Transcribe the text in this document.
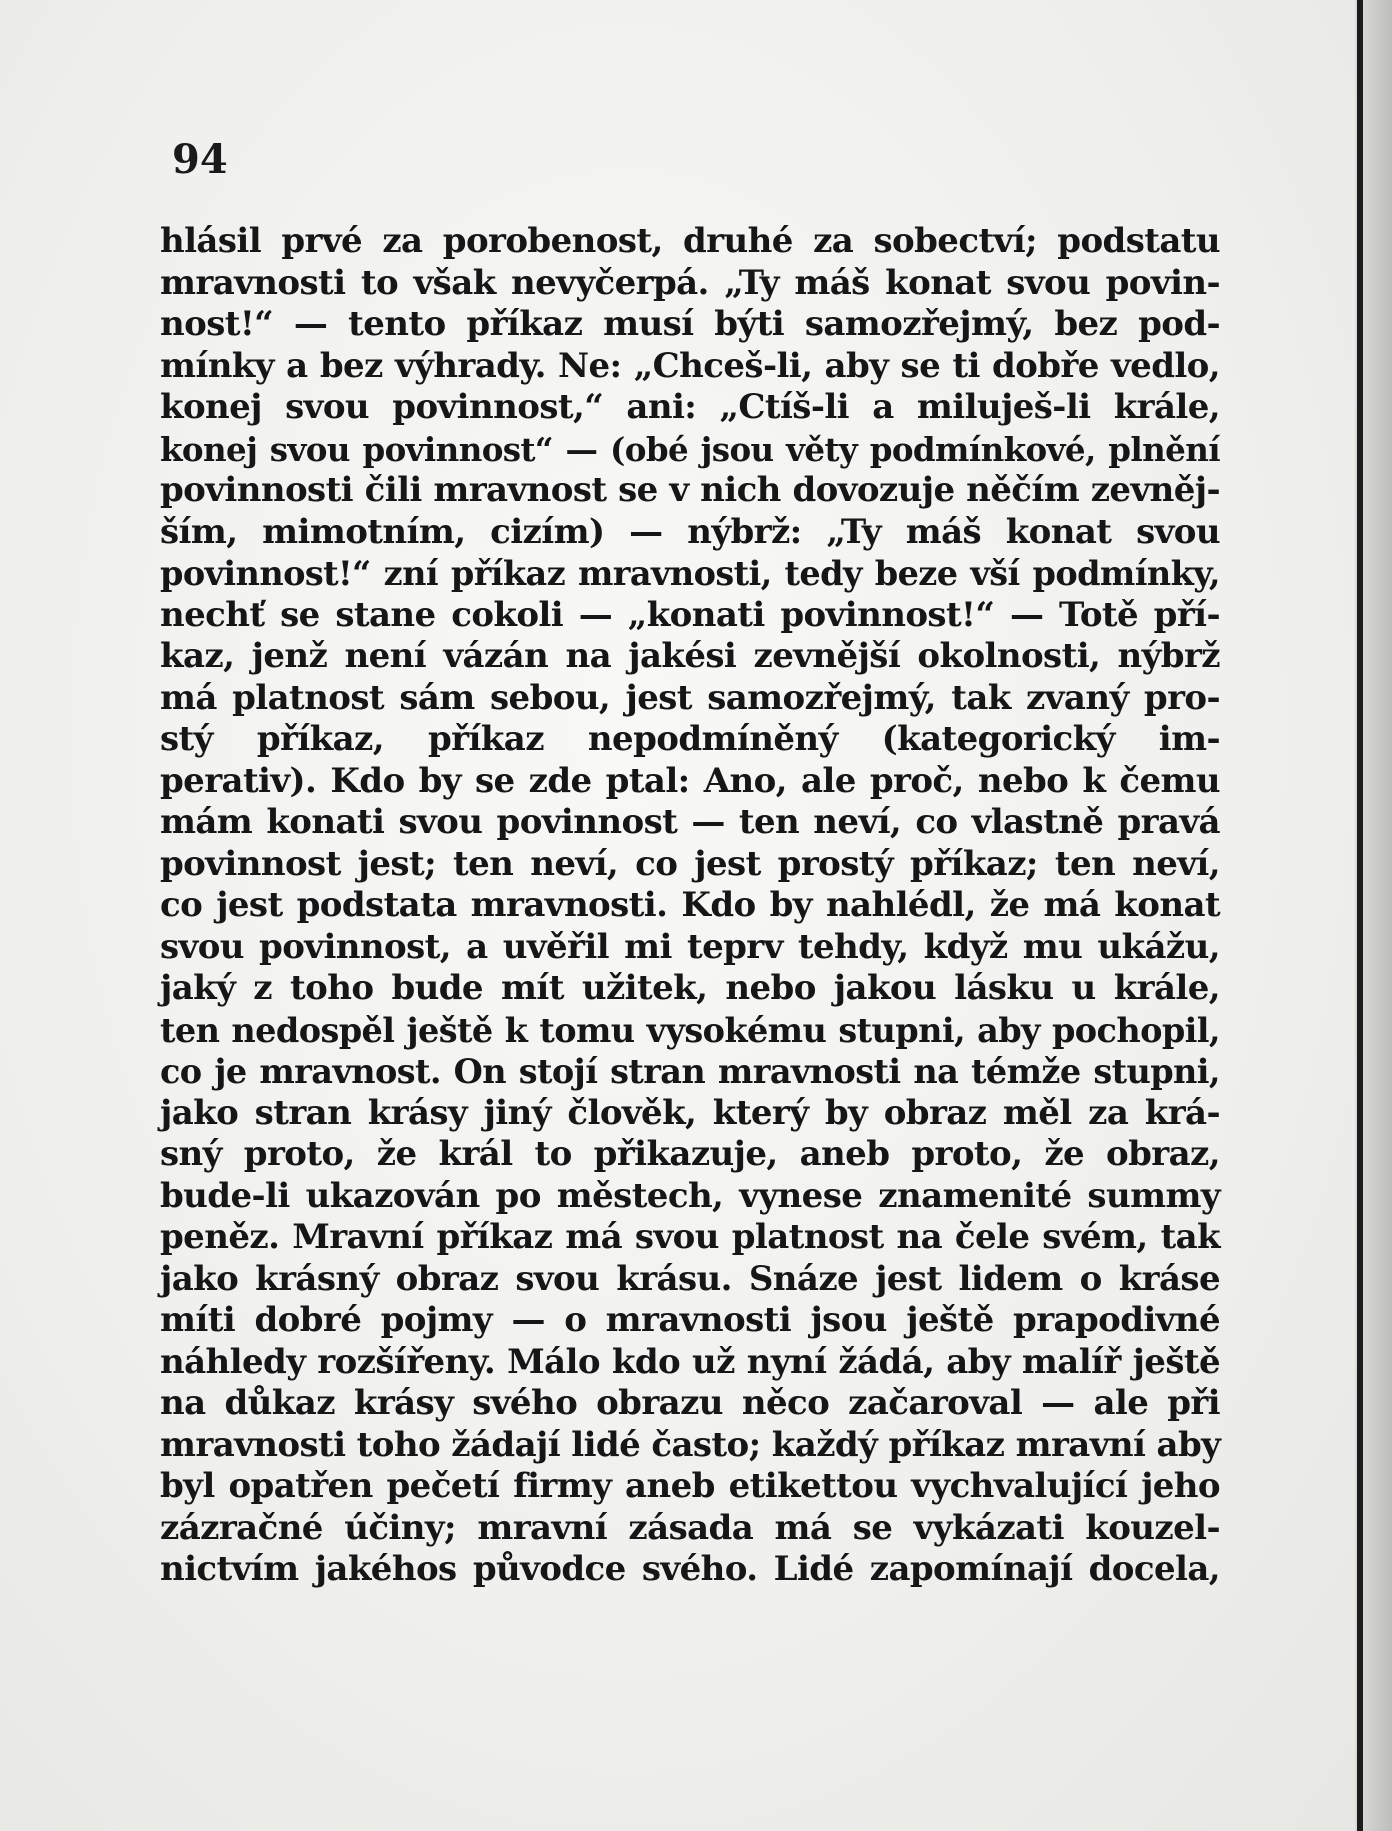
94
hlásil prvé za porobenost, druhé za sobectví; podstatu
mravnosti to však nevyčerpá. „Ty máš konat svou povin-
nost!“ — tento příkaz musí býti samozřejmý, bez pod-
mínky a bez výhrady. Ne: „Chceš-li, aby se ti dobře vedlo,
konej svou povinnost,“ ani: „Ctíš-li a miluješ-li krále,
konej svou povinnost“ — (obé jsou věty podmínkové, plnění
povinnosti čili mravnost se v nich dovozuje něčím zevněj-
ším, mimotním, cizím) — nýbrž: „Ty máš konat svou
povinnost!“ zní příkaz mravnosti, tedy beze vší podmínky,
nechť se stane cokoli — „konati povinnost!“ — Totě pří-
kaz, jenž není vázán na jakési zevnější okolnosti, nýbrž
má platnost sám sebou, jest samozřejmý, tak zvaný pro-
stý příkaz, příkaz nepodmíněný (kategorický im-
perativ). Kdo by se zde ptal: Ano, ale proč, nebo k čemu
mám konati svou povinnost — ten neví, co vlastně pravá
povinnost jest; ten neví, co jest prostý příkaz; ten neví,
co jest podstata mravnosti. Kdo by nahlédl, že má konat
svou povinnost, a uvěřil mi teprv tehdy, když mu ukážu,
jaký z toho bude mít užitek, nebo jakou lásku u krále,
ten nedospěl ještě k tomu vysokému stupni, aby pochopil,
co je mravnost. On stojí stran mravnosti na témže stupni,
jako stran krásy jiný člověk, který by obraz měl za krá-
sný proto, že král to přikazuje, aneb proto, že obraz,
bude-li ukazován po městech, vynese znamenité summy
peněz. Mravní příkaz má svou platnost na čele svém, tak
jako krásný obraz svou krásu. Snáze jest lidem o kráse
míti dobré pojmy — o mravnosti jsou ještě prapodivné
náhledy rozšířeny. Málo kdo už nyní žádá, aby malíř ještě
na důkaz krásy svého obrazu něco začaroval — ale při
mravnosti toho žádají lidé často; každý příkaz mravní aby
byl opatřen pečetí firmy aneb etikettou vychvalující jeho
zázračné účiny; mravní zásada má se vykázati kouzel-
nictvím jakéhos původce svého. Lidé zapomínají docela,
